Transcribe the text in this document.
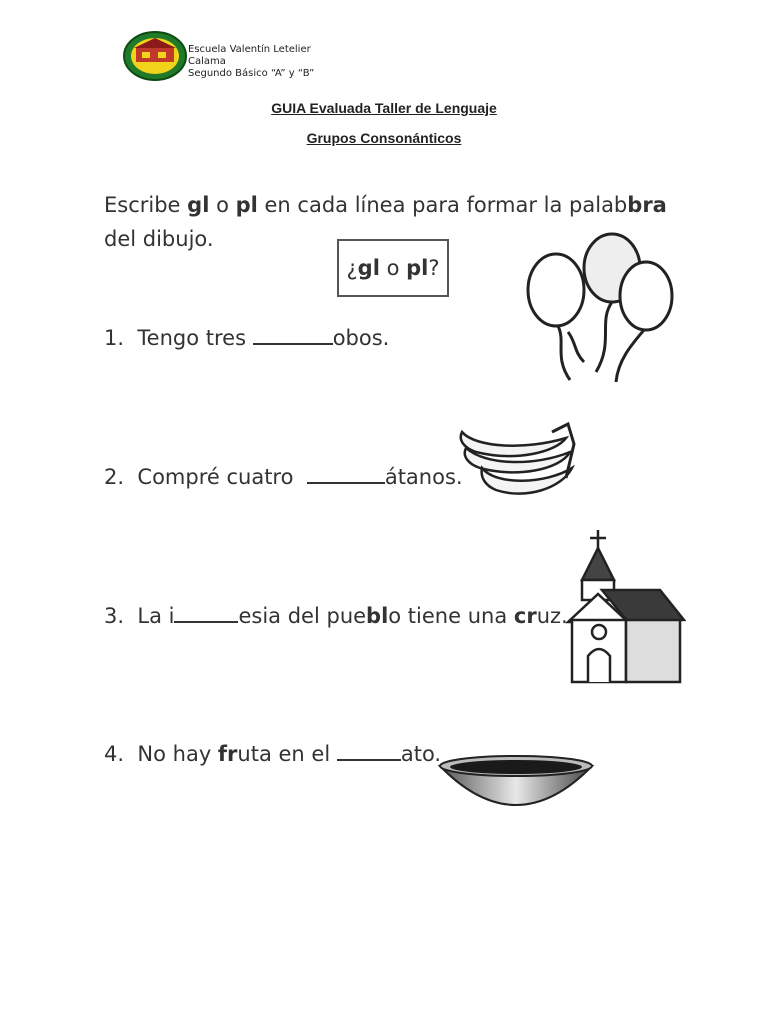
Escuela Valentín Letelier
Calama
Segundo Básico “A” y “B”
GUIA Evaluada Taller de Lenguaje
Grupos Consonánticos
Escribe gl o pl en cada línea para formar la palabbra del dibujo.
¿ gl o pl ?
1. Tengo tres	obos.
2. Compré cuatro	átanos.
3. La i	esia del pueblo tiene una cruz.
4. No hay fruta en el	ato.
